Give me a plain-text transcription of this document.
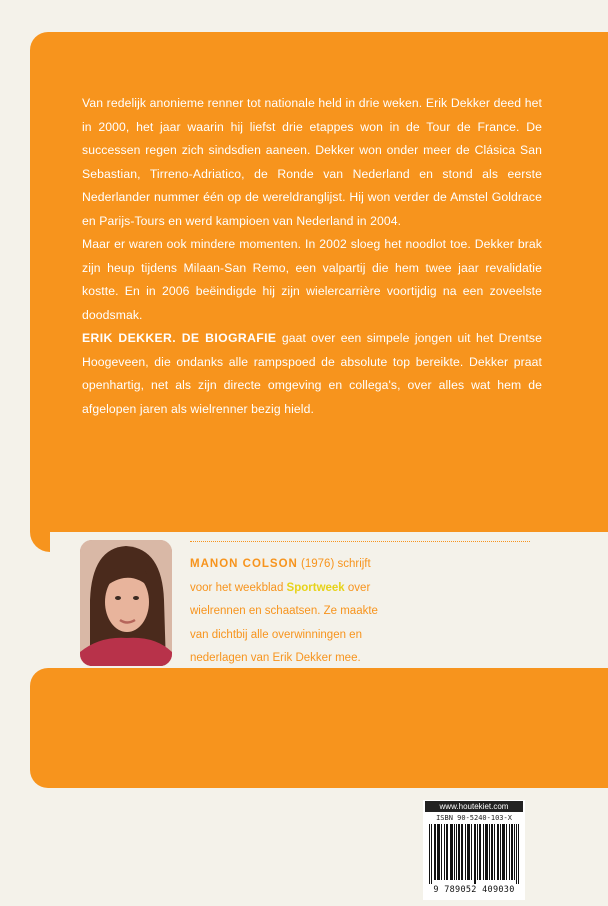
Van redelijk anonieme renner tot nationale held in drie weken. Erik Dekker deed het in 2000, het jaar waarin hij liefst drie etappes won in de Tour de France. De successen regen zich sindsdien aaneen. Dekker won onder meer de Clásica San Sebastian, Tirreno-Adriatico, de Ronde van Nederland en stond als eerste Nederlander nummer één op de wereldranglijst. Hij won verder de Amstel Goldrace en Parijs-Tours en werd kampioen van Nederland in 2004.

Maar er waren ook mindere momenten. In 2002 sloeg het noodlot toe. Dekker brak zijn heup tijdens Milaan-San Remo, een valpartij die hem twee jaar revalidatie kostte. En in 2006 beëindigde hij zijn wielercarrière voortijdig na een zoveelste doodsmak.

ERIK DEKKER. DE BIOGRAFIE gaat over een simpele jongen uit het Drentse Hoogeveen, die ondanks alle rampspoed de absolute top bereikte. Dekker praat openhartig, net als zijn directe omgeving en collega's, over alles wat hem de afgelopen jaren als wielrenner bezig hield.

MANON COLSON (1976) schrijft

voor het weekblad Sportweek over

wielrennen en schaatsen. Ze maakte

van dichtbij alle overwinningen en

nederlagen van Erik Dekker mee.

www.houtekiet.com
ISBN 90-5240-103-X
9 789052 409030
